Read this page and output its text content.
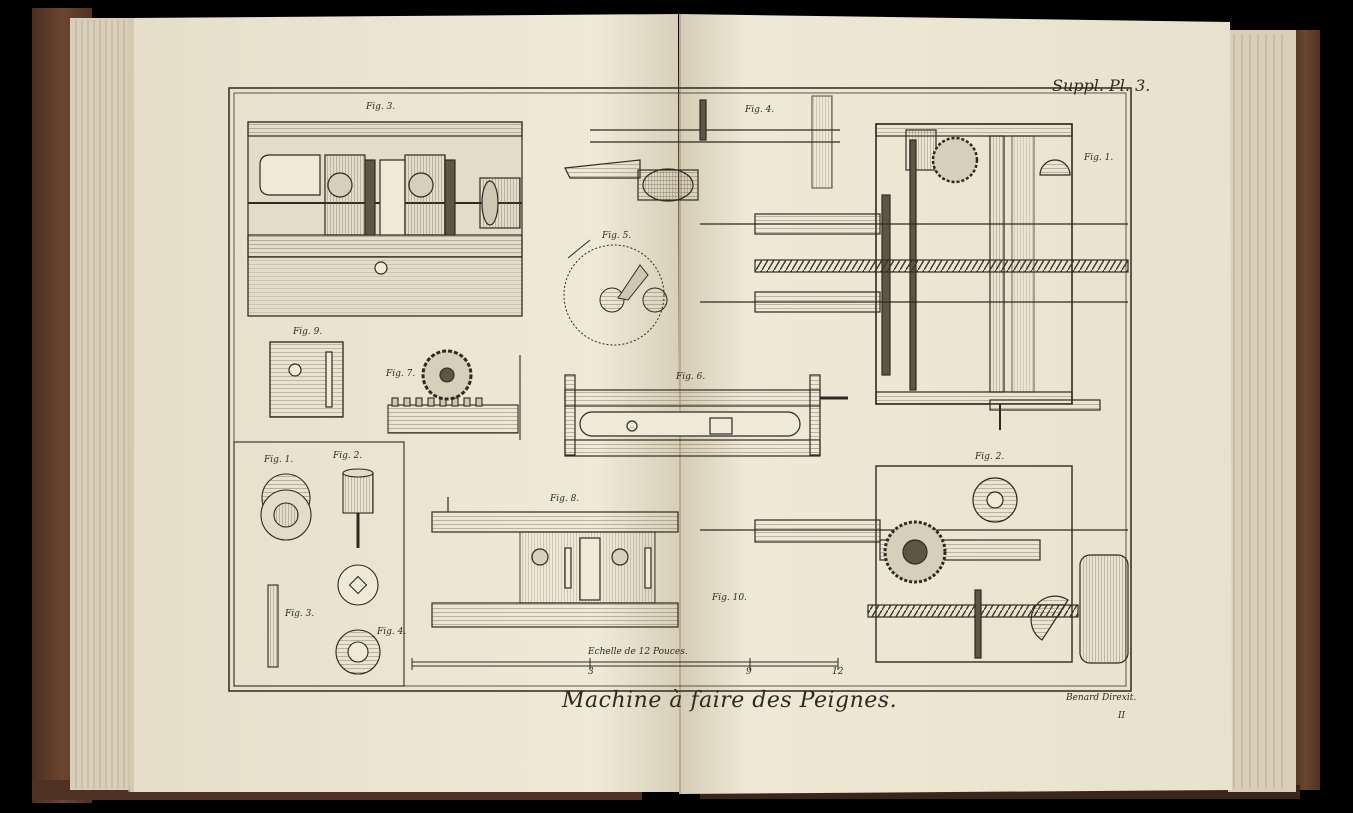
Suppl. Pl. 3.
Machine à faire des Peignes.	Benard Direxit.
II
Echelle de 12 Pouces.
3	9	12
Fig. 3.	Fig. 4.
Fig. 1.
Fig. 5.
Fig. 9.
Fig. 7.	Fig. 6.
Fig. 1.	Fig. 2.
Fig. 3.
Fig. 4.
Fig. 8.
Fig. 10.
Fig. 2.
